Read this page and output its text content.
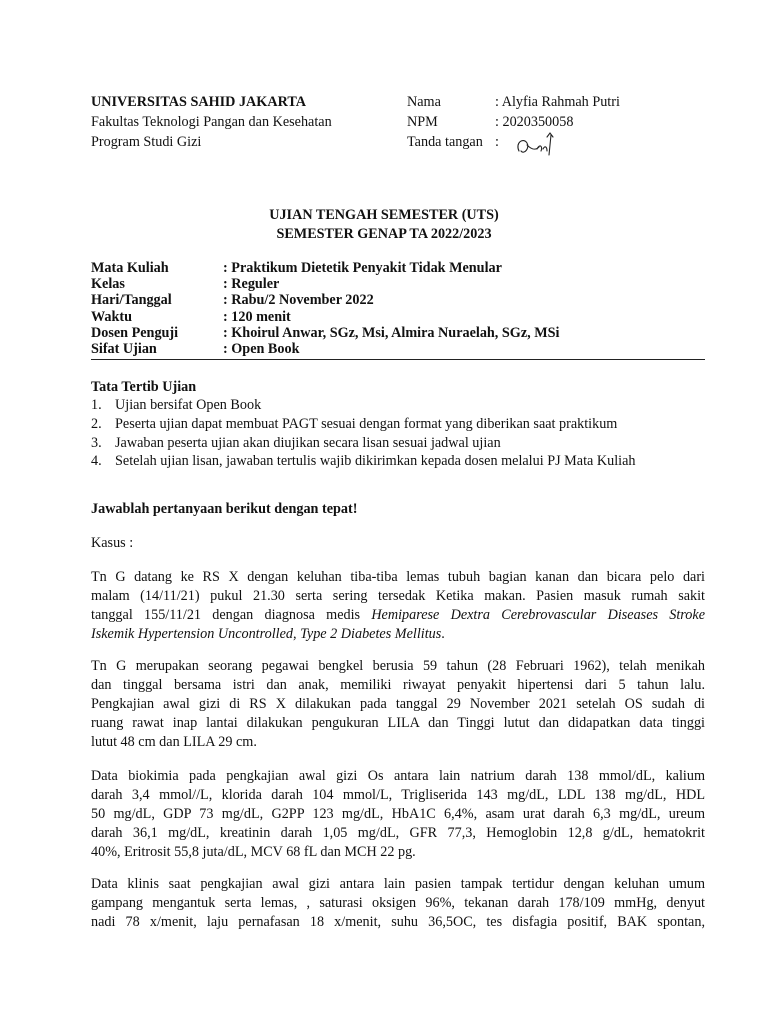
UNIVERSITAS SAHID JAKARTA	Nama	: Alyfia Rahmah Putri
Fakultas Teknologi Pangan dan Kesehatan	NPM	: 2020350058
Program Studi Gizi	Tanda tangan :
UJIAN TENGAH SEMESTER (UTS)
SEMESTER GENAP TA 2022/2023
Mata Kuliah	: Praktikum Dietetik Penyakit Tidak Menular
Kelas	: Reguler
Hari/Tanggal	: Rabu/2 November 2022
Waktu	: 120 menit
Dosen Penguji	: Khoirul Anwar, SGz, Msi, Almira Nuraelah, SGz, MSi
Sifat Ujian	: Open Book
Tata Tertib Ujian
1. Ujian bersifat Open Book
2. Peserta ujian dapat membuat PAGT sesuai dengan format yang diberikan saat praktikum
3. Jawaban peserta ujian akan diujikan secara lisan sesuai jadwal ujian
4. Setelah ujian lisan, jawaban tertulis wajib dikirimkan kepada dosen melalui PJ Mata Kuliah
Jawablah pertanyaan berikut dengan tepat!
Kasus :
Tn G datang ke RS X dengan keluhan tiba-tiba lemas tubuh bagian kanan dan bicara pelo dari
malam (14/11/21) pukul 21.30 serta sering tersedak Ketika makan. Pasien masuk rumah sakit
tanggal 155/11/21 dengan diagnosa medis Hemiparese Dextra Cerebrovascular Diseases Stroke
Iskemik Hypertension Uncontrolled, Type 2 Diabetes Mellitus.
Tn G merupakan seorang pegawai bengkel berusia 59 tahun (28 Februari 1962), telah menikah
dan tinggal bersama istri dan anak, memiliki riwayat penyakit hipertensi dari 5 tahun lalu.
Pengkajian awal gizi di RS X dilakukan pada tanggal 29 November 2021 setelah OS sudah di
ruang rawat inap lantai dilakukan pengukuran LILA dan Tinggi lutut dan didapatkan data tinggi
lutut 48 cm dan LILA 29 cm.
Data biokimia pada pengkajian awal gizi Os antara lain natrium darah 138 mmol/dL, kalium
darah 3,4 mmol//L, klorida darah 104 mmol/L, Trigliserida 143 mg/dL, LDL 138 mg/dL, HDL
50 mg/dL, GDP 73 mg/dL, G2PP 123 mg/dL, HbA1C 6,4%, asam urat darah 6,3 mg/dL, ureum
darah 36,1 mg/dL, kreatinin darah 1,05 mg/dL, GFR 77,3, Hemoglobin 12,8 g/dL, hematokrit
40%, Eritrosit 55,8 juta/dL, MCV 68 fL dan MCH 22 pg.
Data klinis saat pengkajian awal gizi antara lain pasien tampak tertidur dengan keluhan umum
gampang mengantuk serta lemas, , saturasi oksigen 96%, tekanan darah 178/109 mmHg, denyut
nadi 78 x/menit, laju pernafasan 18 x/menit, suhu 36,5OC, tes disfagia positif, BAK spontan,
